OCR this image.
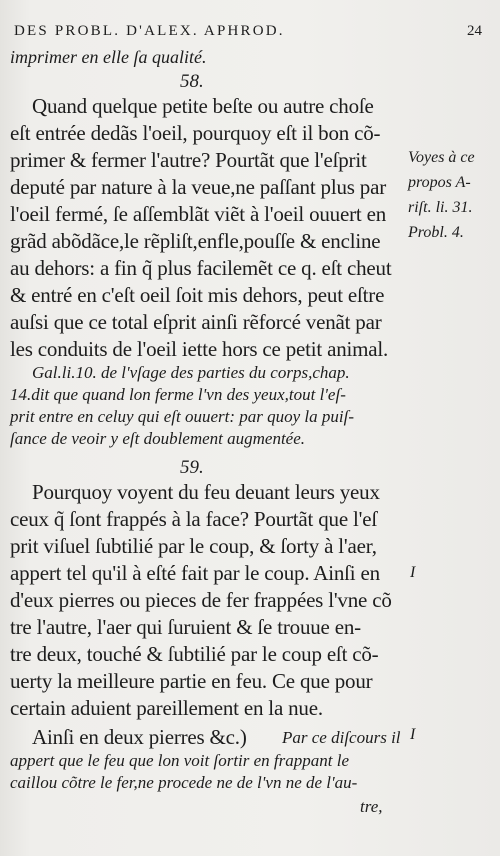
DES PROBL. D'ALEX. APHROD.	24
imprimer en elle ſa qualité.
58.
Quand quelque petite beſte ou autre choſe
eſt entrée dedãs l'oeil, pourquoy eſt il bon cõ-
primer & fermer l'autre? Pourtãt que l'eſprit
deputé par nature à la veue,ne paſſant plus par
l'oeil fermé, ſe aſſemblãt viẽt à l'oeil ouuert en
grãd abõdãce,le rẽpliſt,enfle,pouſſe & encline
au dehors: a fin q̃ plus facilemẽt ce q. eſt cheut
& entré en c'eſt oeil ſoit mis dehors, peut eſtre
auſsi que ce total eſprit ainſi rẽforcé venãt par
les conduits de l'oeil iette hors ce petit animal.
Voyes à ce
propos A-
riſt. li. 31.
Probl. 4.
Gal.li.10. de l'vſage des parties du corps,chap.
14.dit que quand lon ferme l'vn des yeux,tout l'eſ-
prit entre en celuy qui eſt ouuert: par quoy la puiſ-
ſance de veoir y eſt doublement augmentée.
59.
Pourquoy voyent du feu deuant leurs yeux
ceux q̃ ſont frappés à la face? Pourtãt que l'eſ
prit viſuel ſubtilié par le coup, & ſorty à l'aer,
appert tel qu'il à eſté fait par le coup. Ainſi en
d'eux pierres ou pieces de fer frappées l'vne cõ
tre l'autre, l'aer qui ſuruient & ſe trouue en-
tre deux, touché & ſubtilié par le coup eſt cõ-
uerty la meilleure partie en feu. Ce que pour
certain aduient pareillement en la nue.
I
Ainſi en deux pierres &c.) Par ce diſcours il I
appert que le feu que lon voit ſortir en frappant le
caillou cõtre le fer,ne procede ne de l'vn ne de l'au-
tre,
